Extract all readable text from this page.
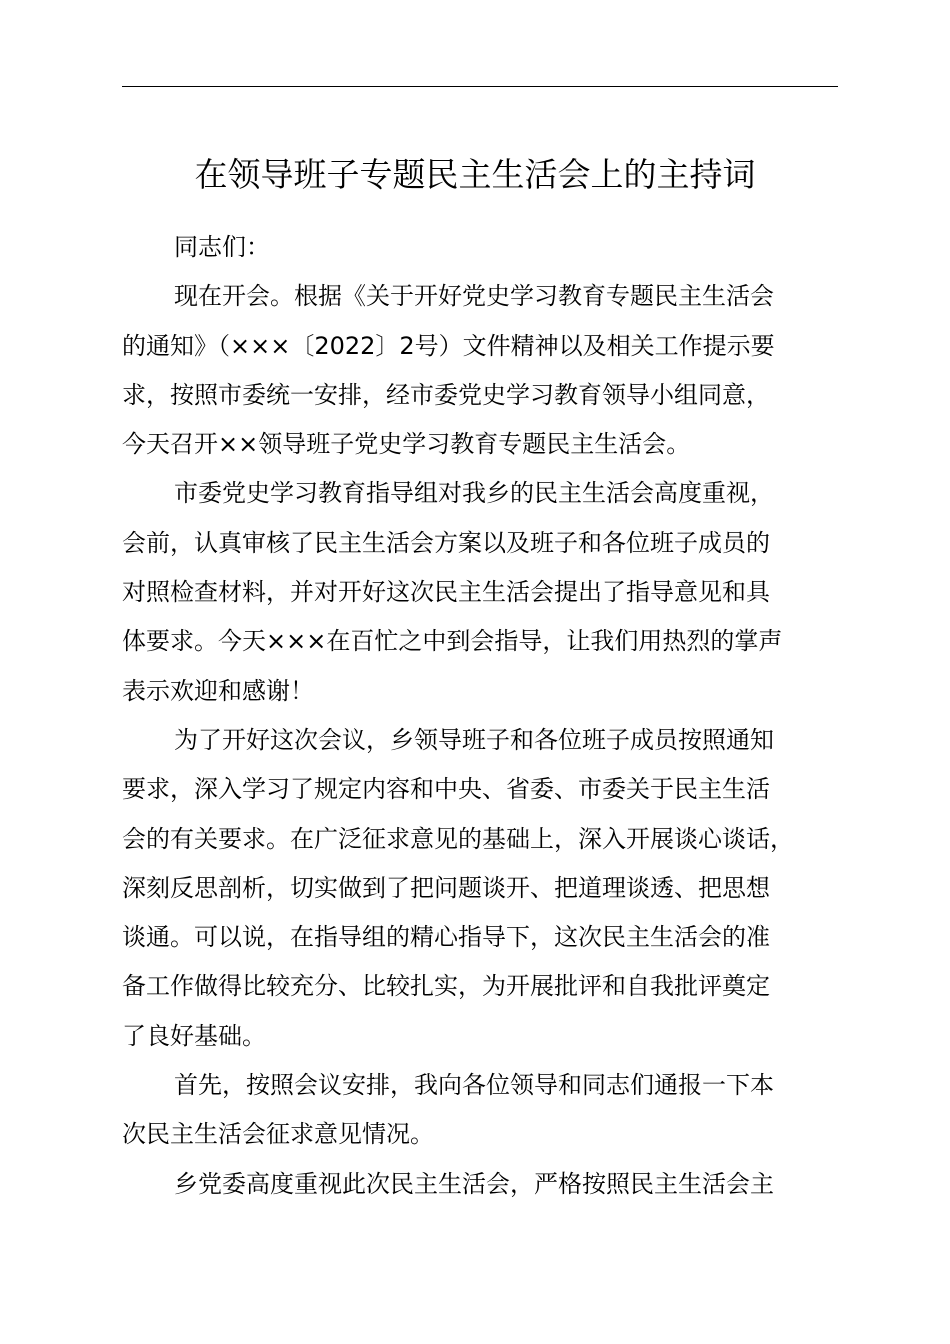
在领导班子专题民主生活会上的主持词

同志们：

现在开会。根据《关于开好党史学习教育专题民主生活会
的通知》（×××〔2022〕2号）文件精神以及相关工作提示要
求，按照市委统一安排，经市委党史学习教育领导小组同意，
今天召开××领导班子党史学习教育专题民主生活会。

市委党史学习教育指导组对我乡的民主生活会高度重视，
会前，认真审核了民主生活会方案以及班子和各位班子成员的
对照检查材料，并对开好这次民主生活会提出了指导意见和具
体要求。今天×××在百忙之中到会指导，让我们用热烈的掌声
表示欢迎和感谢！

为了开好这次会议，乡领导班子和各位班子成员按照通知
要求，深入学习了规定内容和中央、省委、市委关于民主生活
会的有关要求。在广泛征求意见的基础上，深入开展谈心谈话，
深刻反思剖析，切实做到了把问题谈开、把道理谈透、把思想
谈通。可以说，在指导组的精心指导下，这次民主生活会的准
备工作做得比较充分、比较扎实，为开展批评和自我批评奠定
了良好基础。

首先，按照会议安排，我向各位领导和同志们通报一下本
次民主生活会征求意见情况。

乡党委高度重视此次民主生活会，严格按照民主生活会主
